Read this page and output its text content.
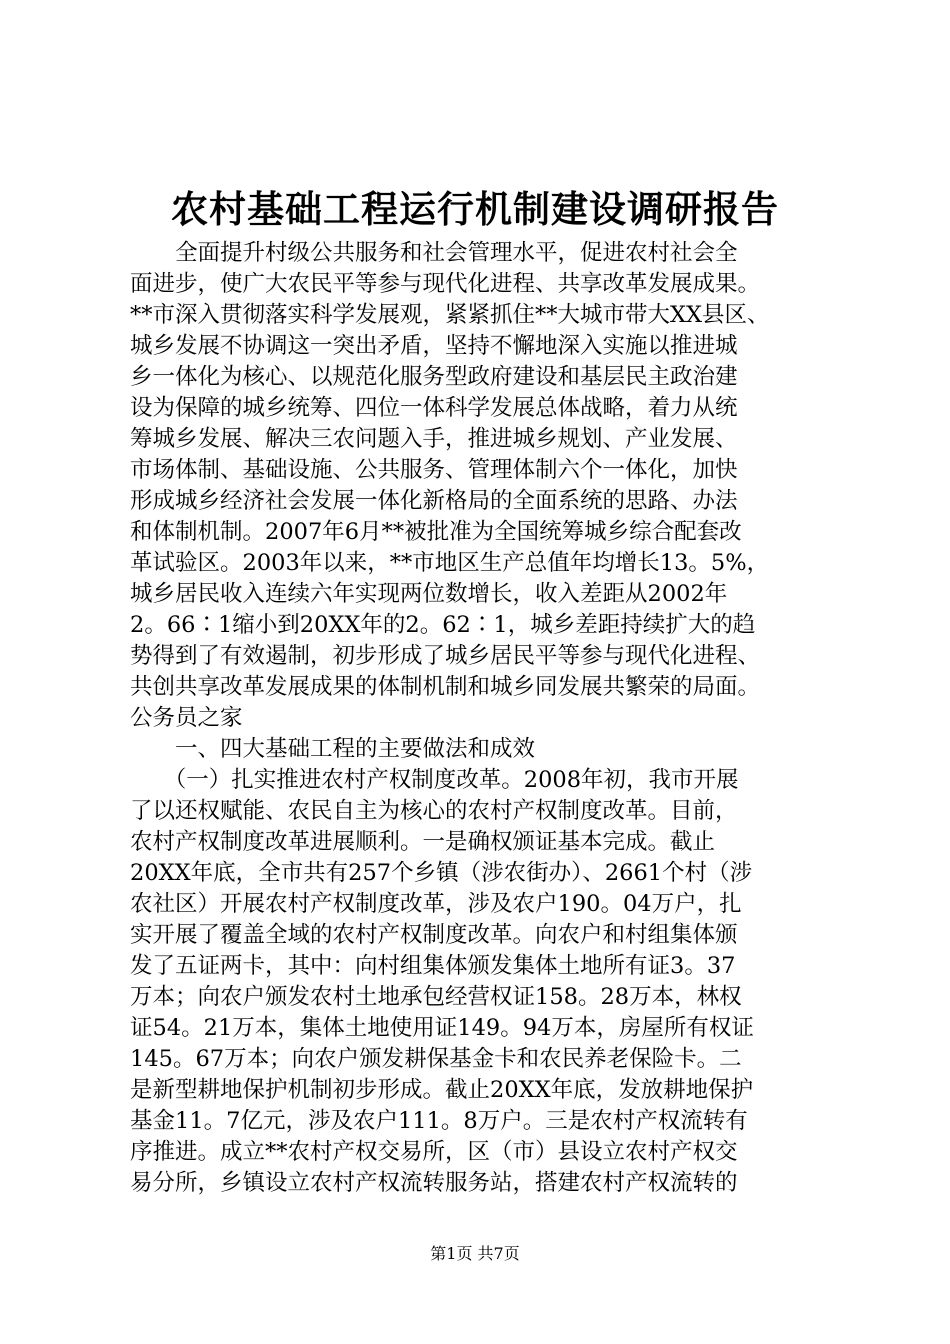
农村基础工程运行机制建设调研报告
　　全面提升村级公共服务和社会管理水平，促进农村社会全
面进步，使广大农民平等参与现代化进程、共享改革发展成果。
**市深入贯彻落实科学发展观，紧紧抓住**大城市带大XX县区、
城乡发展不协调这一突出矛盾，坚持不懈地深入实施以推进城
乡一体化为核心、以规范化服务型政府建设和基层民主政治建
设为保障的城乡统筹、四位一体科学发展总体战略，着力从统
筹城乡发展、解决三农问题入手，推进城乡规划、产业发展、
市场体制、基础设施、公共服务、管理体制六个一体化，加快
形成城乡经济社会发展一体化新格局的全面系统的思路、办法
和体制机制。2007年6月**被批准为全国统筹城乡综合配套改
革试验区。2003年以来，**市地区生产总值年均增长13。5%，
城乡居民收入连续六年实现两位数增长，收入差距从2002年
2。66∶1缩小到20XX年的2。62∶1，城乡差距持续扩大的趋
势得到了有效遏制，初步形成了城乡居民平等参与现代化进程、
共创共享改革发展成果的体制机制和城乡同发展共繁荣的局面。
公务员之家
　　一、四大基础工程的主要做法和成效
　　（一）扎实推进农村产权制度改革。2008年初，我市开展
了以还权赋能、农民自主为核心的农村产权制度改革。目前，
农村产权制度改革进展顺利。一是确权颁证基本完成。截止
20XX年底，全市共有257个乡镇（涉农街办）、2661个村（涉
农社区）开展农村产权制度改革，涉及农户190。04万户，扎
实开展了覆盖全域的农村产权制度改革。向农户和村组集体颁
发了五证两卡，其中：向村组集体颁发集体土地所有证3。37
万本；向农户颁发农村土地承包经营权证158。28万本，林权
证54。21万本，集体土地使用证149。94万本，房屋所有权证
145。67万本；向农户颁发耕保基金卡和农民养老保险卡。二
是新型耕地保护机制初步形成。截止20XX年底，发放耕地保护
基金11。7亿元，涉及农户111。8万户。三是农村产权流转有
序推进。成立**农村产权交易所，区（市）县设立农村产权交
易分所，乡镇设立农村产权流转服务站，搭建农村产权流转的
第1页 共7页
